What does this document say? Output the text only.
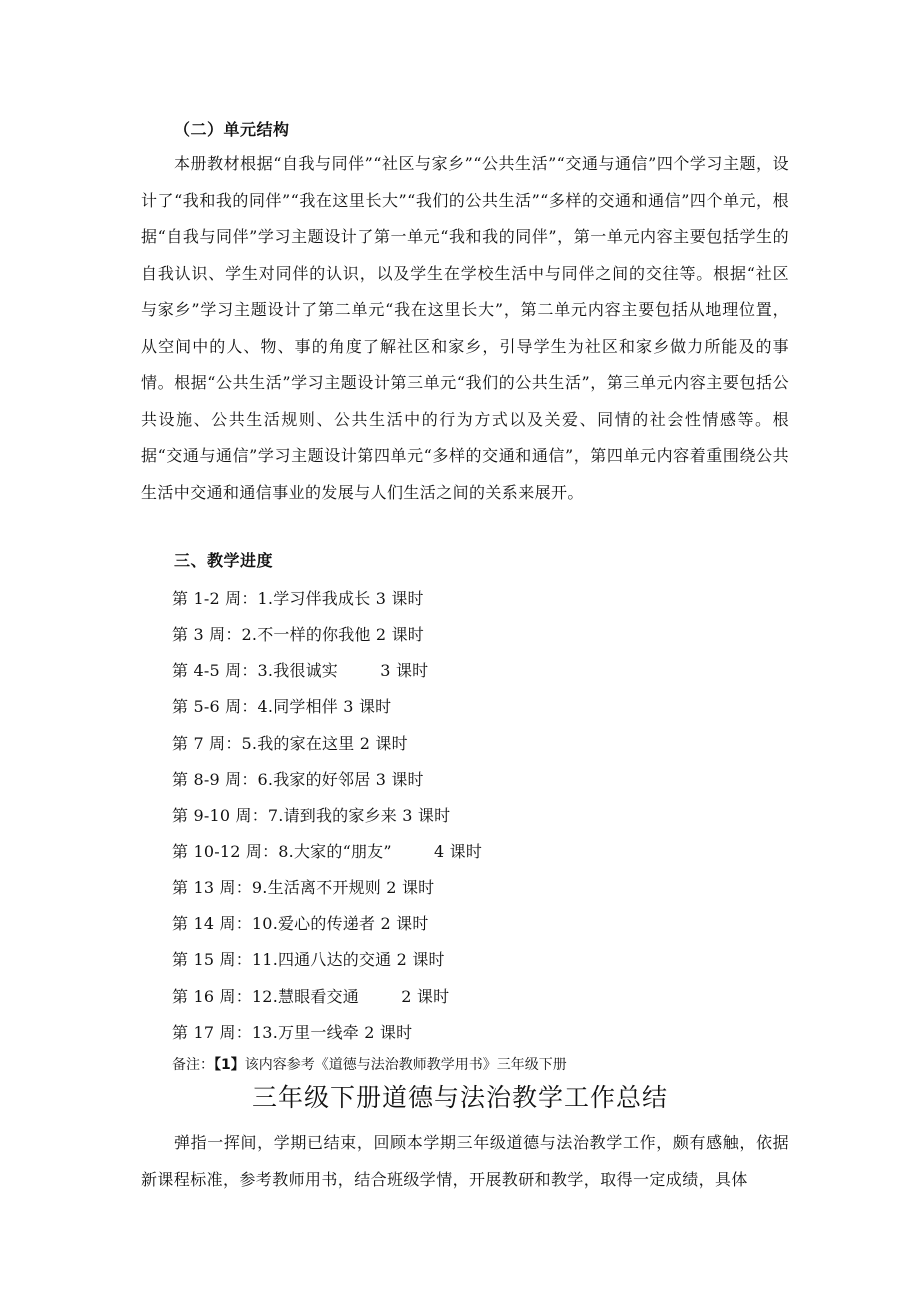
（二）单元结构
本册教材根据“自我与同伴”“社区与家乡”“公共生活”“交通与通信”四个学习主题，设计了“我和我的同伴”“我在这里长大”“我们的公共生活”“多样的交通和通信”四个单元，根据“自我与同伴”学习主题设计了第一单元“我和我的同伴”，第一单元内容主要包括学生的自我认识、学生对同伴的认识，以及学生在学校生活中与同伴之间的交往等。根据“社区与家乡”学习主题设计了第二单元“我在这里长大”，第二单元内容主要包括从地理位置，从空间中的人、物、事的角度了解社区和家乡，引导学生为社区和家乡做力所能及的事情。根据“公共生活”学习主题设计第三单元“我们的公共生活”，第三单元内容主要包括公共设施、公共生活规则、公共生活中的行为方式以及关爱、同情的社会性情感等。根据“交通与通信”学习主题设计第四单元“多样的交通和通信”，第四单元内容着重围绕公共生活中交通和通信事业的发展与人们生活之间的关系来展开。
三、教学进度
第 1-2 周：1.学习伴我成长 3 课时
第 3 周：2.不一样的你我他 2 课时
第 4-5 周：3.我很诚实        3 课时
第 5-6 周：4.同学相伴 3 课时
第 7 周：5.我的家在这里 2 课时
第 8-9 周：6.我家的好邻居 3 课时
第 9-10 周：7.请到我的家乡来 3 课时
第 10-12 周：8.大家的“朋友”        4 课时
第 13 周：9.生活离不开规则 2 课时
第 14 周：10.爱心的传递者 2 课时
第 15 周：11.四通八达的交通 2 课时
第 16 周：12.慧眼看交通        2 课时
第 17 周：13.万里一线牵 2 课时
备注：【1】该内容参考《道德与法治教师教学用书》三年级下册
三年级下册道德与法治教学工作总结
弹指一挥间，学期已结束，回顾本学期三年级道德与法治教学工作，颇有感触，依据新课程标准，参考教师用书，结合班级学情，开展教研和教学，取得一定成绩，具体
